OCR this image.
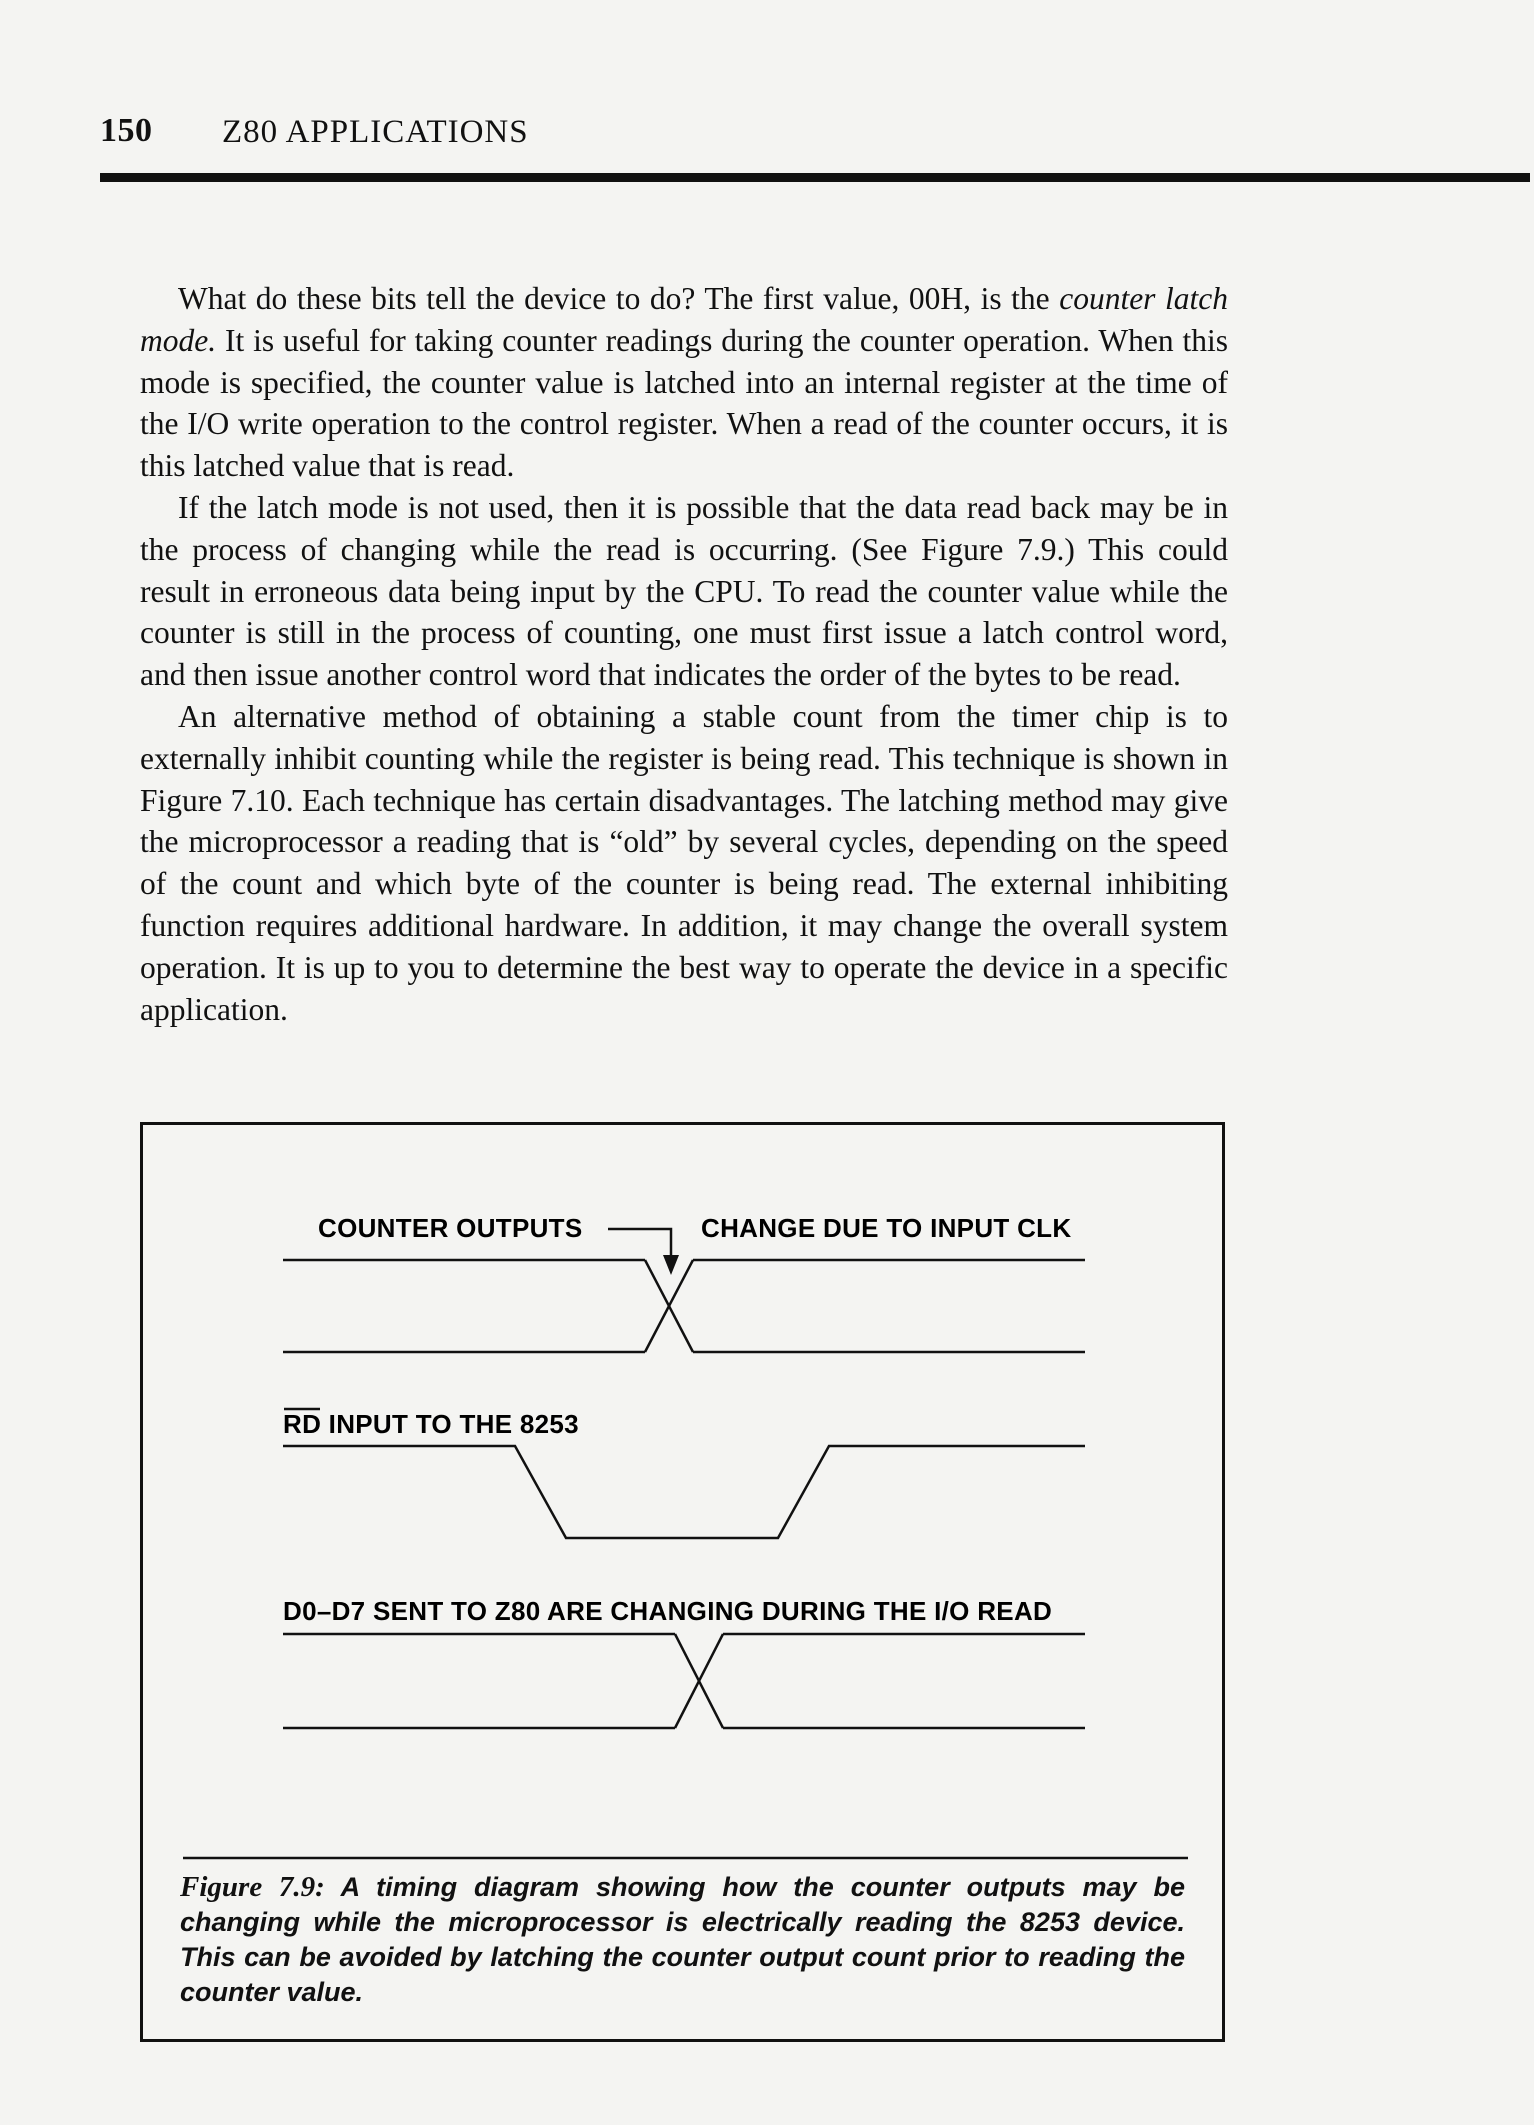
150 Z80 APPLICATIONS

What do these bits tell the device to do? The first value, 00H, is the counter latch mode. It is useful for taking counter readings during the counter operation. When this mode is specified, the counter value is latched into an internal register at the time of the I/O write operation to the control register. When a read of the counter occurs, it is this latched value that is read.

If the latch mode is not used, then it is possible that the data read back may be in the process of changing while the read is occurring. (See Figure 7.9.) This could result in erroneous data being input by the CPU. To read the counter value while the counter is still in the process of counting, one must first issue a latch control word, and then issue another control word that indicates the order of the bytes to be read.

An alternative method of obtaining a stable count from the timer chip is to externally inhibit counting while the register is being read. This technique is shown in Figure 7.10. Each technique has certain disadvantages. The latching method may give the microprocessor a reading that is “old” by several cycles, depending on the speed of the count and which byte of the counter is being read. The external inhibiting function requires additional hardware. In addition, it may change the overall system operation. It is up to you to determine the best way to operate the device in a specific application.

COUNTER OUTPUTS	CHANGE DUE TO INPUT CLK
RD INPUT TO THE 8253
D0–D7 SENT TO Z80 ARE CHANGING DURING THE I/O READ
Figure 7.9: A timing diagram showing how the counter outputs may be changing while the microprocessor is electrically reading the 8253 device. This can be avoided by latching the counter output count prior to reading the counter value.
